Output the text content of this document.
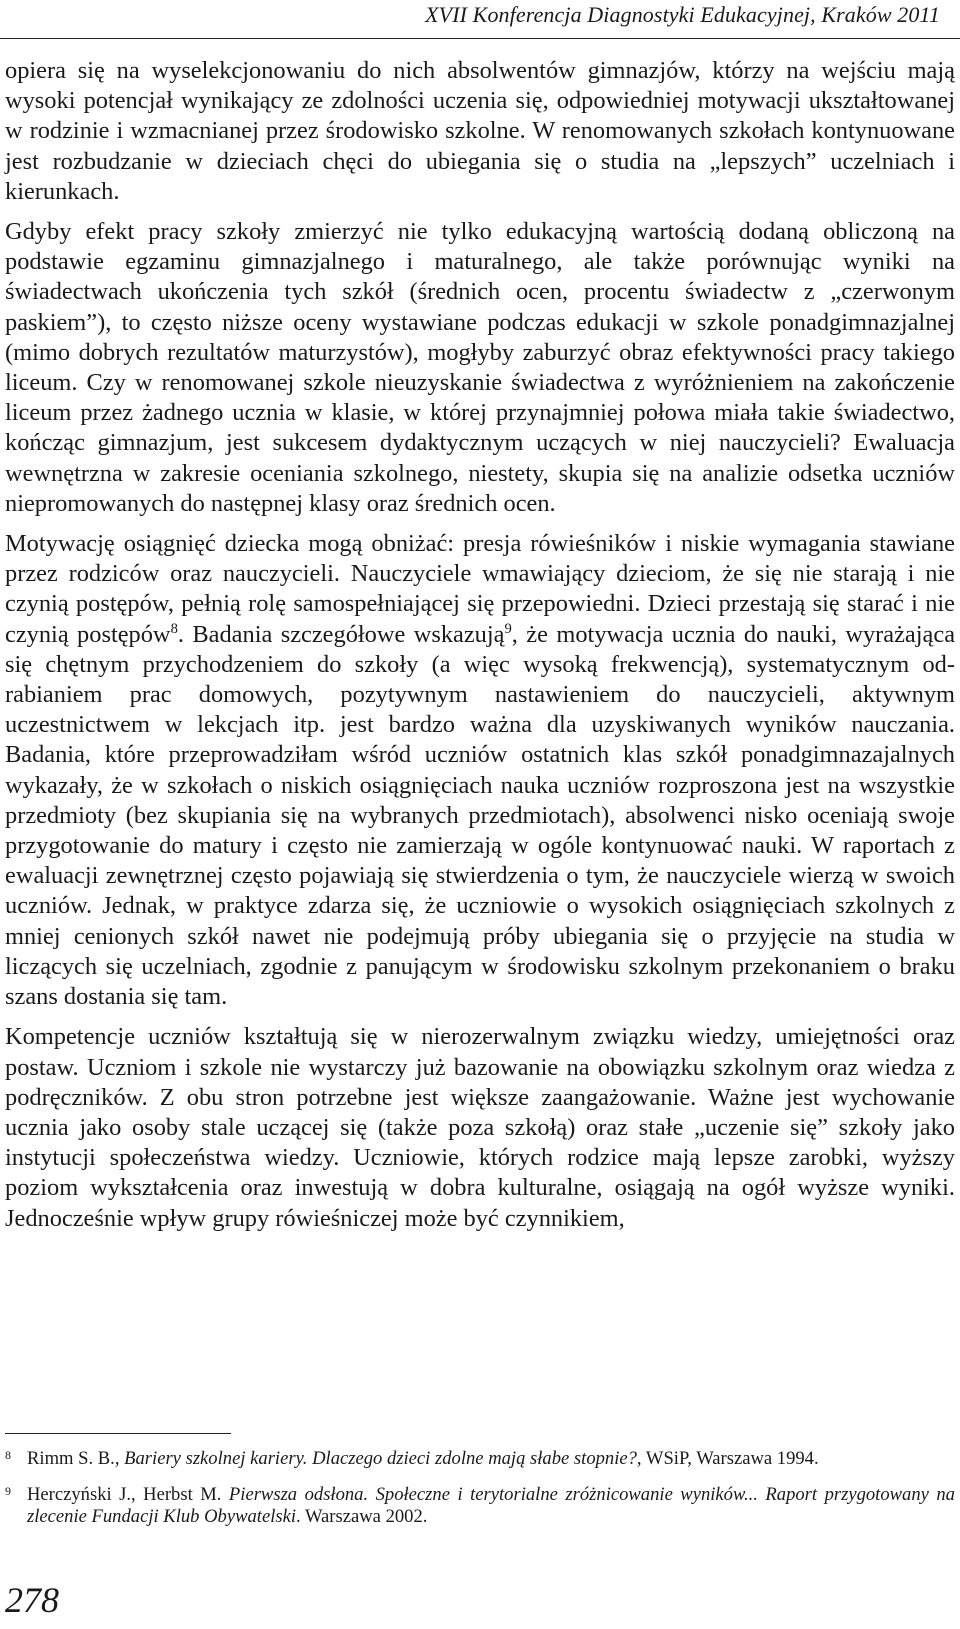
XVII Konferencja Diagnostyki Edukacyjnej, Kraków 2011

opiera się na wyselekcjonowaniu do nich absolwentów gimnazjów, którzy na wejściu mają wysoki potencjał wynikający ze zdolności uczenia się, odpowiedniej motywacji ukształtowanej w rodzinie i wzmacnianej przez środowisko szkolne. W renomowanych szkołach kontynuowane jest rozbudzanie w dzieciach chęci do ubiegania się o studia na „lepszych” uczelniach i kierunkach.

Gdyby efekt pracy szkoły zmierzyć nie tylko edukacyjną wartością dodaną obliczoną na podstawie egzaminu gimnazjalnego i maturalnego, ale także porównując wyniki na świadectwach ukończenia tych szkół (średnich ocen, procentu świadectw z „czerwonym paskiem”), to często niższe oceny wystawiane podczas edukacji w szkole ponadgimnazjalnej (mimo dobrych rezultatów maturzystów), mogłyby zaburzyć obraz efektywności pracy takiego liceum. Czy w renomowanej szkole nieuzyskanie świadectwa z wyróżnieniem na zakończenie liceum przez żadnego ucznia w klasie, w której przynajmniej połowa miała takie świadectwo, kończąc gimnazjum, jest sukcesem dydaktycznym uczących w niej nauczycieli? Ewaluacja wewnętrzna w zakresie oceniania szkolnego, niestety, skupia się na analizie odsetka uczniów niepromowanych do następnej klasy oraz średnich ocen.

Motywację osiągnięć dziecka mogą obniżać: presja rówieśników i niskie wymagania stawiane przez rodziców oraz nauczycieli. Nauczyciele wmawiający dzieciom, że się nie starają i nie czynią postępów, pełnią rolę samospełniającej się przepowiedni. Dzieci przestają się starać i nie czynią postępów$^8$. Badania szczegółowe wskazują$^9$, że motywacja ucznia do nauki, wyrażająca się chętnym przychodzeniem do szkoły (a więc wysoką frekwencją), systematycznym odrabianiem prac domowych, pozytywnym nastawieniem do nauczycieli, aktywnym uczestnictwem w lekcjach itp. jest bardzo ważna dla uzyskiwanych wyników nauczania. Badania, które przeprowadziłam wśród uczniów ostatnich klas szkół ponadgimnazajalnych wykazały, że w szkołach o niskich osiągnięciach nauka uczniów rozproszona jest na wszystkie przedmioty (bez skupiania się na wybranych przedmiotach), absolwenci nisko oceniają swoje przygotowanie do matury i często nie zamierzają w ogóle kontynuować nauki. W raportach z ewaluacji zewnętrznej często pojawiają się stwierdzenia o tym, że nauczyciele wierzą w swoich uczniów. Jednak, w praktyce zdarza się, że uczniowie o wysokich osiągnięciach szkolnych z mniej cenionych szkół nawet nie podejmują próby ubiegania się o przyjęcie na studia w liczących się uczelniach, zgodnie z panującym w środowisku szkolnym przekonaniem o braku szans dostania się tam.

Kompetencje uczniów kształtują się w nierozerwalnym związku wiedzy, umiejętności oraz postaw. Uczniom i szkole nie wystarczy już bazowanie na obowiązku szkolnym oraz wiedza z podręczników. Z obu stron potrzebne jest większe zaangażowanie. Ważne jest wychowanie ucznia jako osoby stale uczącej się (także poza szkołą) oraz stałe „uczenie się” szkoły jako instytucji społeczeństwa wiedzy. Uczniowie, których rodzice mają lepsze zarobki, wyższy poziom wykształcenia oraz inwestują w dobra kulturalne, osiągają na ogół wyższe wyniki. Jednocześnie wpływ grupy rówieśniczej może być czynnikiem,

8 Rimm S. B., Bariery szkolnej kariery. Dlaczego dzieci zdolne mają słabe stopnie?, WSiP, Warszawa 1994.
9 Herczyński J., Herbst M. Pierwsza odsłona. Społeczne i terytorialne zróżnicowanie wyników... Raport przygotowany na zlecenie Fundacji Klub Obywatelski. Warszawa 2002.
278
